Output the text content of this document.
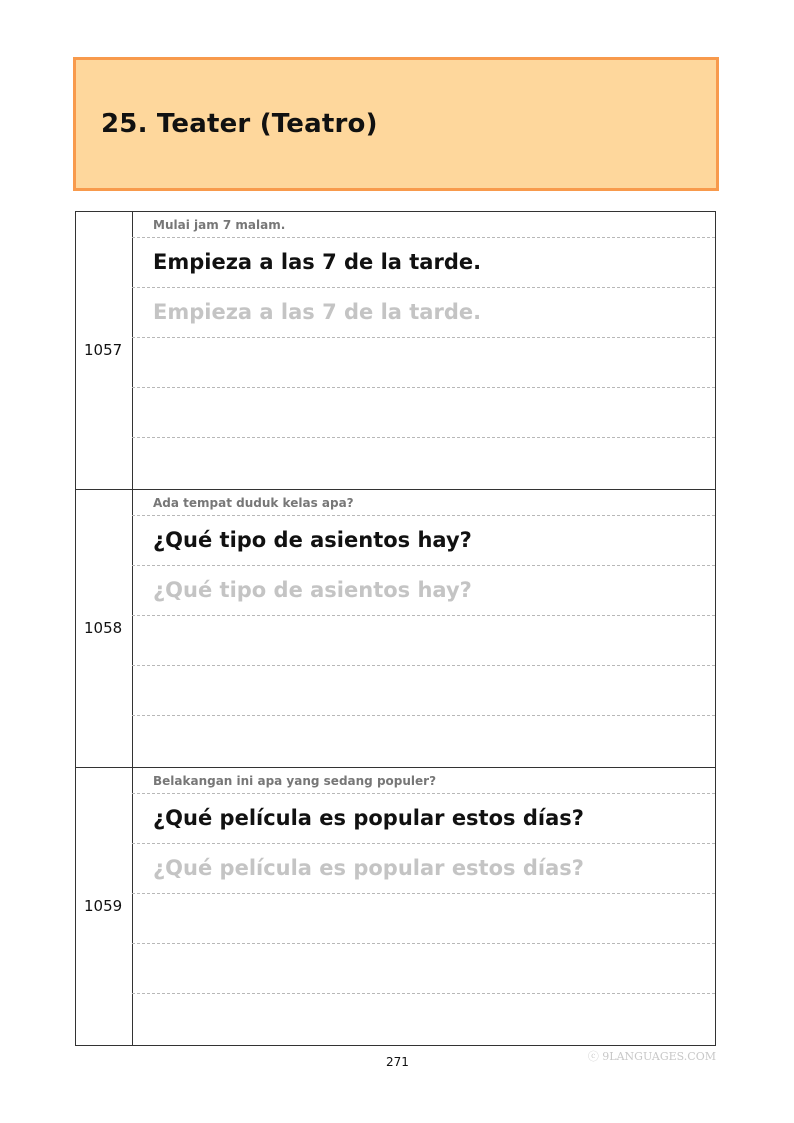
25. Teater (Teatro)
1057
Mulai jam 7 malam.
Empieza a las 7 de la tarde.
Empieza a las 7 de la tarde.
1058
Ada tempat duduk kelas apa?
¿Qué tipo de asientos hay?
¿Qué tipo de asientos hay?
1059
Belakangan ini apa yang sedang populer?
¿Qué película es popular estos días?
¿Qué película es popular estos días?
271	ⓒ 9LANGUAGES.COM
